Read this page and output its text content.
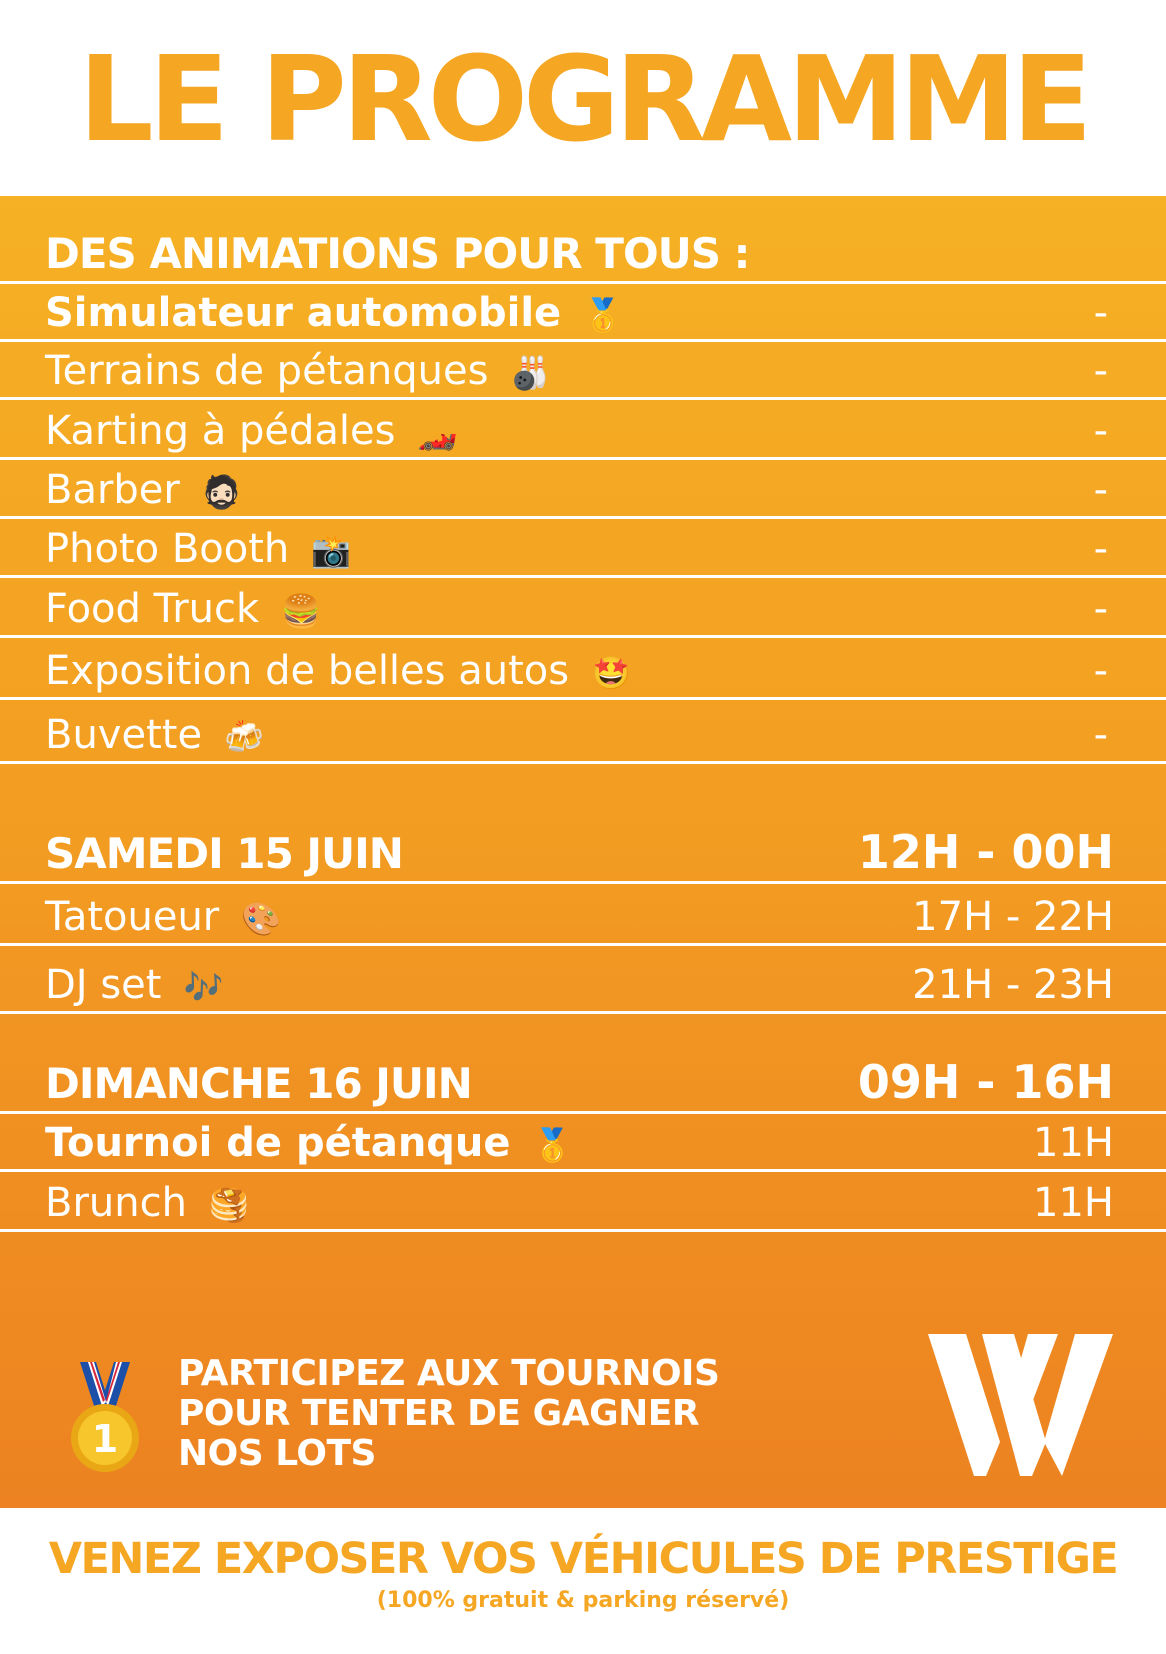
LE PROGRAMME
DES ANIMATIONS POUR TOUS :
Simulateur automobile 🥇	-
Terrains de pétanques 🎳	-
Karting à pédales 🏎️	-
Barber 🧔🏻	-
Photo Booth 📸	-
Food Truck 🍔	-
Exposition de belles autos 🤩	-
Buvette 🍻	-
SAMEDI 15 JUIN	12H - 00H
Tatoueur 🎨	17H - 22H
DJ set 🎶	21H - 23H
DIMANCHE 16 JUIN	09H - 16H
Tournoi de pétanque 🥇	11H
Brunch 🥞	11H
1
PARTICIPEZ AUX TOURNOIS
POUR TENTER DE GAGNER
NOS LOTS
VENEZ EXPOSER VOS VÉHICULES DE PRESTIGE
(100% gratuit & parking réservé)
